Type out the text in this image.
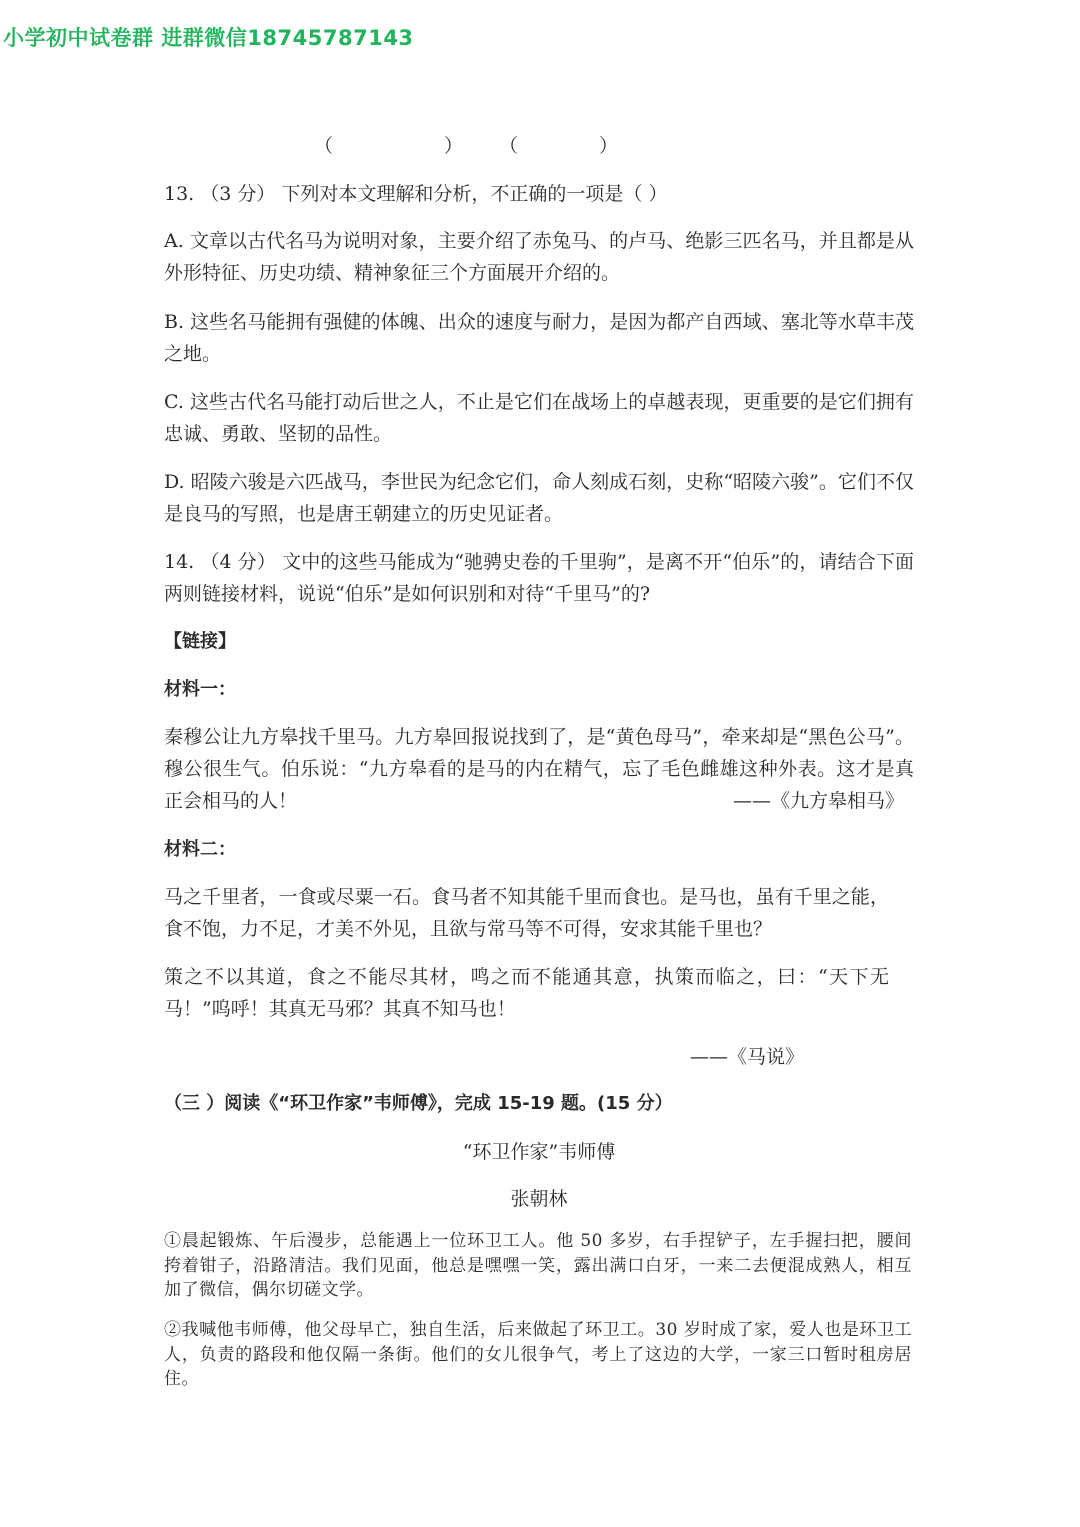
小学初中试卷群 进群微信18745787143
（	） （	）
13. （3 分） 下列对本文理解和分析，不正确的一项是（ ）
A. 文章以古代名马为说明对象，主要介绍了赤兔马、的卢马、绝影三匹名马，并且都是从外形特征、历史功绩、精神象征三个方面展开介绍的。
B. 这些名马能拥有强健的体魄、出众的速度与耐力，是因为都产自西域、塞北等水草丰茂之地。
C. 这些古代名马能打动后世之人，不止是它们在战场上的卓越表现，更重要的是它们拥有忠诚、勇敢、坚韧的品性。
D. 昭陵六骏是六匹战马，李世民为纪念它们，命人刻成石刻，史称“昭陵六骏”。它们不仅是良马的写照，也是唐王朝建立的历史见证者。
14. （4 分） 文中的这些马能成为“驰骋史卷的千里驹”，是离不开“伯乐”的，请结合下面两则链接材料，说说“伯乐”是如何识别和对待“千里马”的?
【链接】
材料一：
秦穆公让九方皋找千里马。九方皋回报说找到了，是“黄色母马”，牵来却是“黑色公马”。穆公很生气。伯乐说：“九方皋看的是马的内在精气，忘了毛色雌雄这种外表。这才是真正会相马的人！	——《九方皋相马》
材料二：
马之千里者，一食或尽粟一石。食马者不知其能千里而食也。是马也，虽有千里之能，食不饱，力不足，才美不外见，且欲与常马等不可得，安求其能千里也？
策之不以其道，食之不能尽其材，鸣之而不能通其意，执策而临之，曰：“天下无马！”呜呼！其真无马邪？其真不知马也！
——《马说》
（三 ）阅读《“环卫作家”韦师傅》，完成 15-19 题。(15 分）
“环卫作家”韦师傅
张朝林
①晨起锻炼、午后漫步，总能遇上一位环卫工人。他 50 多岁，右手捏铲子，左手握扫把，腰间挎着钳子，沿路清洁。我们见面，他总是嘿嘿一笑，露出满口白牙，一来二去便混成熟人，相互加了微信，偶尔切磋文学。
②我喊他韦师傅，他父母早亡，独自生活，后来做起了环卫工。30 岁时成了家，爱人也是环卫工人，负责的路段和他仅隔一条街。他们的女儿很争气，考上了这边的大学，一家三口暂时租房居住。
